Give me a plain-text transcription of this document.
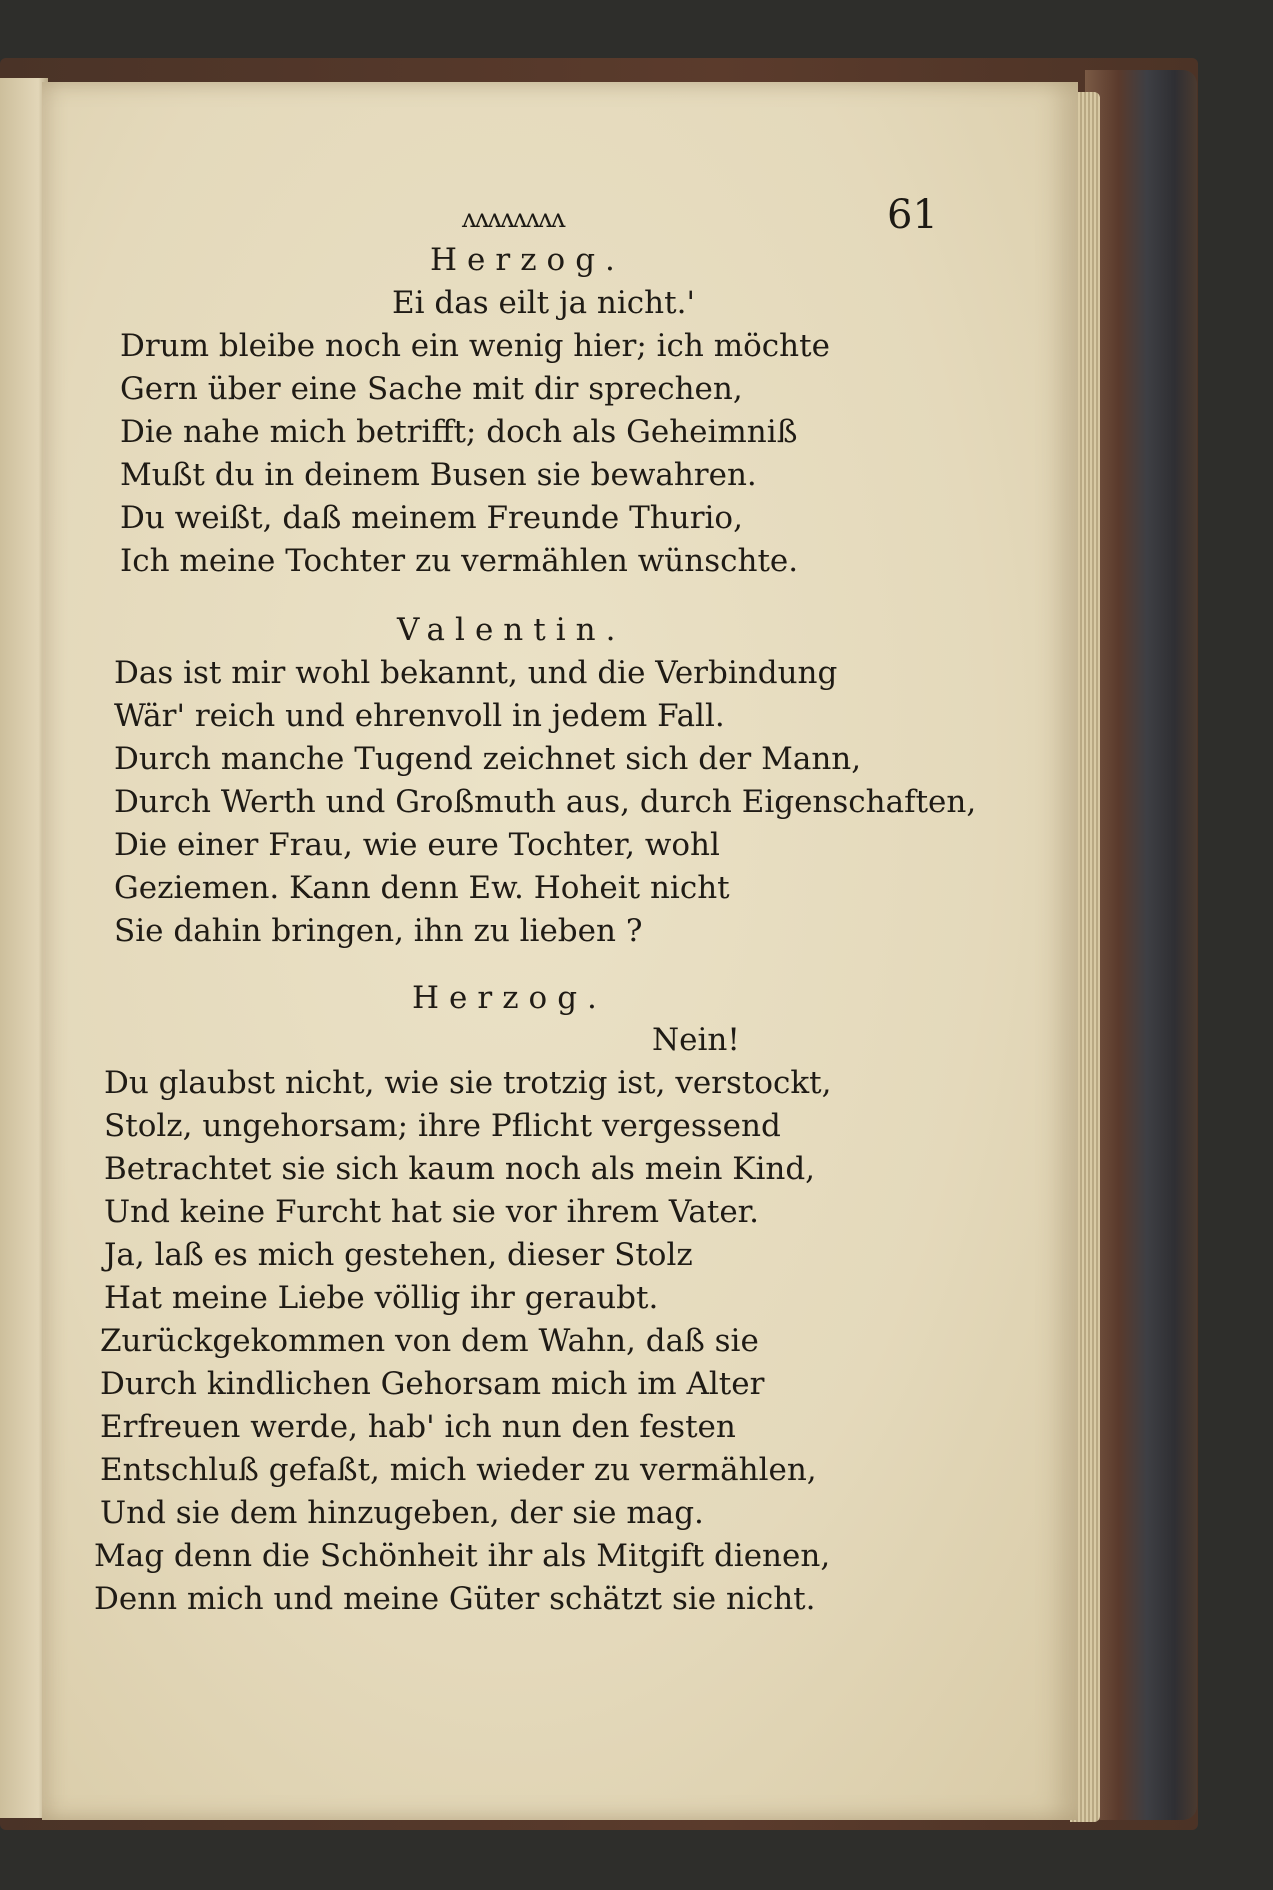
ʌʌʌʌʌʌʌʌ	61
Herzog.
Ei das eilt ja nicht.'
Drum bleibe noch ein wenig hier; ich möchte
Gern über eine Sache mit dir sprechen,
Die nahe mich betrifft; doch als Geheimniß
Mußt du in deinem Busen sie bewahren.
Du weißt, daß meinem Freunde Thurio,
Ich meine Tochter zu vermählen wünschte.
Valentin.
Das ist mir wohl bekannt, und die Verbindung
Wär' reich und ehrenvoll in jedem Fall.
Durch manche Tugend zeichnet sich der Mann,
Durch Werth und Großmuth aus, durch Eigenschaften,
Die einer Frau, wie eure Tochter, wohl
Geziemen. Kann denn Ew. Hoheit nicht
Sie dahin bringen, ihn zu lieben ?
Herzog.
Nein!
Du glaubst nicht, wie sie trotzig ist, verstockt,
Stolz, ungehorsam; ihre Pflicht vergessend
Betrachtet sie sich kaum noch als mein Kind,
Und keine Furcht hat sie vor ihrem Vater.
Ja, laß es mich gestehen, dieser Stolz
Hat meine Liebe völlig ihr geraubt.
Zurückgekommen von dem Wahn, daß sie
Durch kindlichen Gehorsam mich im Alter
Erfreuen werde, hab' ich nun den festen
Entschluß gefaßt, mich wieder zu vermählen,
Und sie dem hinzugeben, der sie mag.
Mag denn die Schönheit ihr als Mitgift dienen,
Denn mich und meine Güter schätzt sie nicht.
